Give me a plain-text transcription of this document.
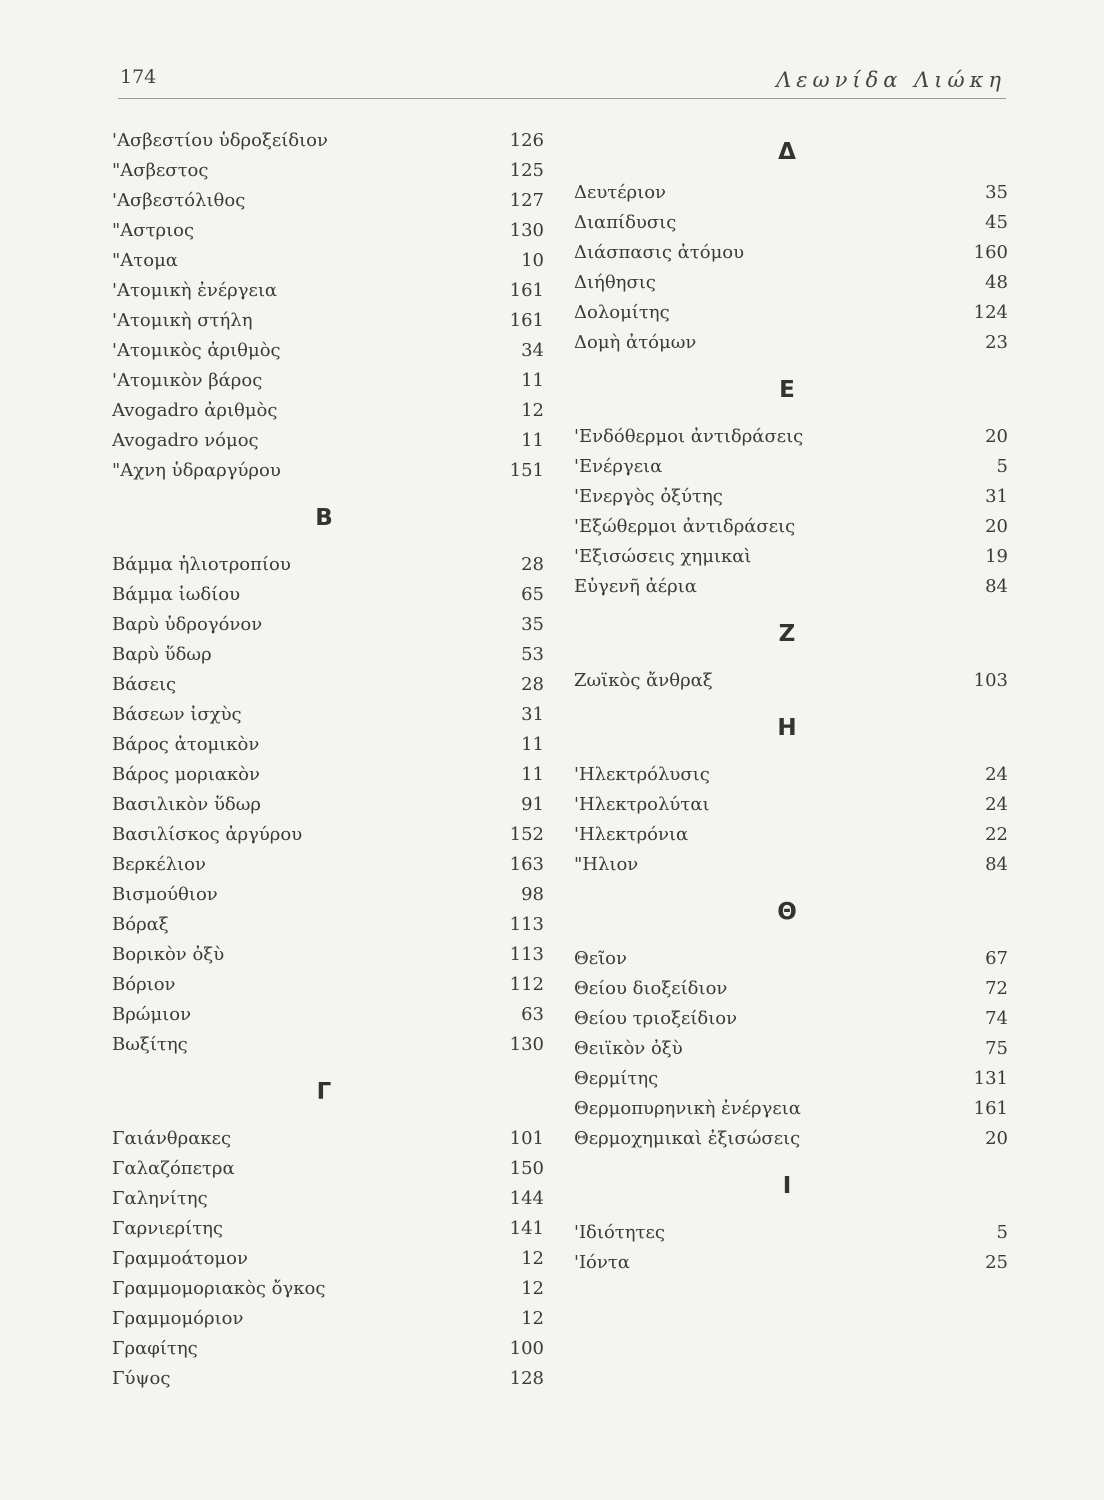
174	Λεωνίδα Λιώκη
'Ασβεστίου ὑδροξείδιον	126
"Ασβεστος	125
'Ασβεστόλιθος	127
"Αστριος	130
"Ατομα	10
'Ατομικὴ ἐνέργεια	161
'Ατομικὴ στήλη	161
'Ατομικὸς ἀριθμὸς	34
'Ατομικὸν βάρος	11
Avogadro ἀριθμὸς	12
Avogadro νόμος	11
"Αχνη ὑδραργύρου	151
B
Βάμμα ἡλιοτροπίου	28
Βάμμα ἰωδίου	65
Βαρὺ ὑδρογόνον	35
Βαρὺ ὕδωρ	53
Βάσεις	28
Βάσεων ἰσχὺς	31
Βάρος ἀτομικὸν	11
Βάρος μοριακὸν	11
Βασιλικὸν ὕδωρ	91
Βασιλίσκος ἀργύρου	152
Βερκέλιον	163
Βισμούθιον	98
Βόραξ	113
Βορικὸν ὀξὺ	113
Βόριον	112
Βρώμιον	63
Βωξίτης	130
Γ
Γαιάνθρακες	101
Γαλαζόπετρα	150
Γαληνίτης	144
Γαρνιερίτης	141
Γραμμοάτομον	12
Γραμμομοριακὸς ὄγκος	12
Γραμμομόριον	12
Γραφίτης	100
Γύψος	128
Δ
Δευτέριον	35
Διαπίδυσις	45
Διάσπασις ἀτόμου	160
Διήθησις	48
Δολομίτης	124
Δομὴ ἀτόμων	23
E
'Ενδόθερμοι ἀντιδράσεις	20
'Ενέργεια	5
'Ενεργὸς ὀξύτης	31
'Εξώθερμοι ἀντιδράσεις	20
'Εξισώσεις χημικαὶ	19
Εὐγενῆ ἀέρια	84
Z
Ζωϊκὸς ἄνθραξ	103
H
'Ηλεκτρόλυσις	24
'Ηλεκτρολύται	24
'Ηλεκτρόνια	22
"Ηλιον	84
Θ
Θεῖον	67
Θείου διοξείδιον	72
Θείου τριοξείδιον	74
Θειϊκὸν ὀξὺ	75
Θερμίτης	131
Θερμοπυρηνικὴ ἐνέργεια	161
Θερμοχημικαὶ ἐξισώσεις	20
I
'Ιδιότητες	5
'Ιόντα	25
